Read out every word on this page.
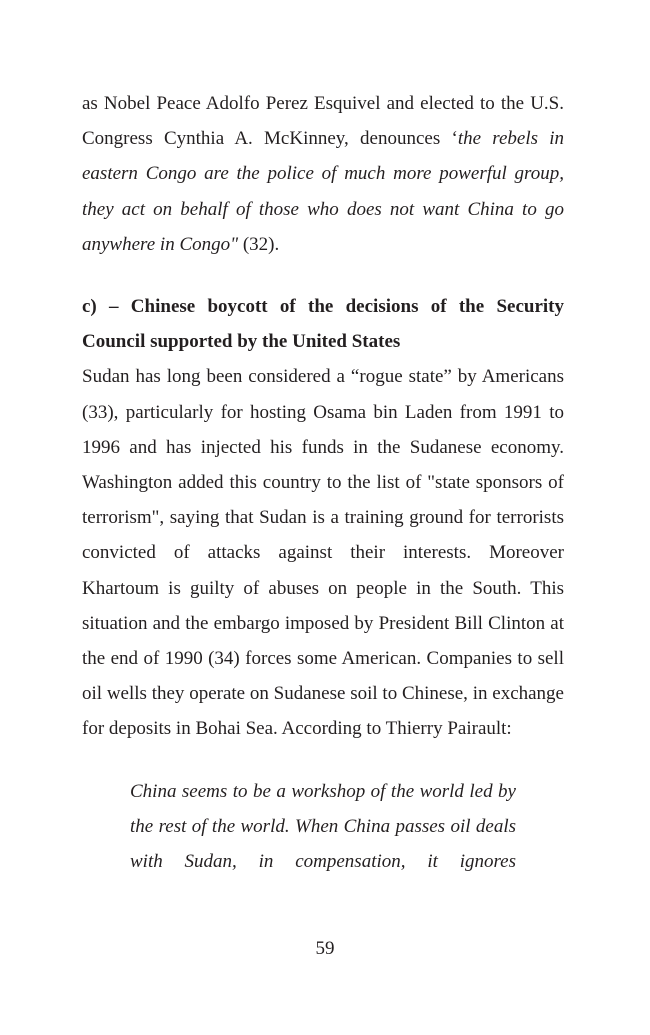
as Nobel Peace Adolfo Perez Esquivel and elected to the U.S. Congress Cynthia A. McKinney, denounces ‘the rebels in eastern Congo are the police of much more powerful group, they act on behalf of those who does not want China to go anywhere in Congo" (32).

c) – Chinese boycott of the decisions of the Security Council supported by the United States

Sudan has long been considered a “rogue state” by Americans (33), particularly for hosting Osama bin Laden from 1991 to 1996 and has injected his funds in the Sudanese economy. Washington added this country to the list of "state sponsors of terrorism", saying that Sudan is a training ground for terrorists convicted of attacks against their interests. Moreover Khartoum is guilty of abuses on people in the South. This situation and the embargo imposed by President Bill Clinton at the end of 1990 (34) forces some American. Companies to sell oil wells they operate on Sudanese soil to Chinese, in exchange for deposits in Bohai Sea. According to Thierry Pairault:

China seems to be a workshop of the world led by the rest of the world. When China passes oil deals with Sudan, in compensation, it ignores

59
